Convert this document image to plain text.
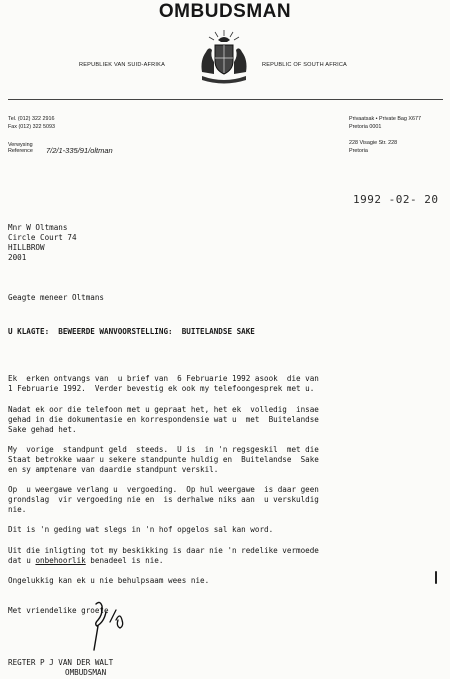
OMBUDSMAN
REPUBLIEK VAN SUID-AFRIKA	REPUBLIC OF SOUTH AFRICA
Tel. (012) 322 2916
Fax (012) 322 5093
Verwysing
Reference 7/2/1-335/91/oltman
Privaatsak • Private Bag X677
Pretoria 0001
228 Visagie Str. 228
Pretoria
1992 -02- 20
Mnr W Oltmans
Circle Court 74
HILLBROW
2001
Geagte meneer Oltmans
U KLAGTE:  BEWEERDE WANVOORSTELLING:  BUITELANDSE SAKE
Ek  erken ontvangs van  u brief van  6 Februarie 1992 asook  die van
1 Februarie 1992.  Verder bevestig ek ook my telefoongesprek met u.
Nadat ek oor die telefoon met u gepraat het, het ek  volledig  insae
gehad in die dokumentasie en korrespondensie wat u  met  Buitelandse
Sake gehad het.
My  vorige  standpunt geld  steeds.  U is  in 'n regsgeskil  met die
Staat betrokke waar u sekere standpunte huldig en  Buitelandse  Sake
en sy amptenare van daardie standpunt verskil.
Op  u weergawe verlang u  vergoeding.  Op hul weergawe  is daar geen
grondslag  vir vergoeding nie en  is derhalwe niks aan  u verskuldig
nie.
Dit is 'n geding wat slegs in 'n hof opgelos sal kan word.
Uit die inligting tot my beskikking is daar nie 'n redelike vermoede
dat u onbehoorlik benadeel is nie.
Ongelukkig kan ek u nie behulpsaam wees nie.
Met vriendelike groete
REGTER P J VAN DER WALT
OMBUDSMAN
